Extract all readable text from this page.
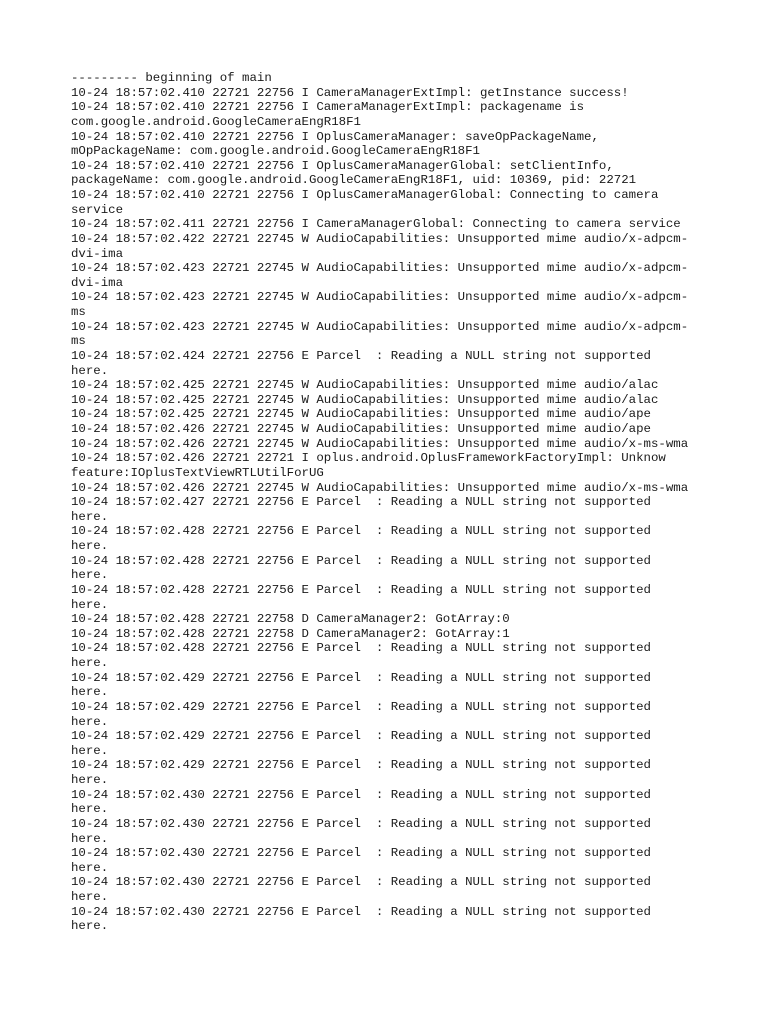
--------- beginning of main
10-24 18:57:02.410 22721 22756 I CameraManagerExtImpl: getInstance success!
10-24 18:57:02.410 22721 22756 I CameraManagerExtImpl: packagename is
com.google.android.GoogleCameraEngR18F1
10-24 18:57:02.410 22721 22756 I OplusCameraManager: saveOpPackageName,
mOpPackageName: com.google.android.GoogleCameraEngR18F1
10-24 18:57:02.410 22721 22756 I OplusCameraManagerGlobal: setClientInfo,
packageName: com.google.android.GoogleCameraEngR18F1, uid: 10369, pid: 22721
10-24 18:57:02.410 22721 22756 I OplusCameraManagerGlobal: Connecting to camera
service
10-24 18:57:02.411 22721 22756 I CameraManagerGlobal: Connecting to camera service
10-24 18:57:02.422 22721 22745 W AudioCapabilities: Unsupported mime audio/x-adpcm-
dvi-ima
10-24 18:57:02.423 22721 22745 W AudioCapabilities: Unsupported mime audio/x-adpcm-
dvi-ima
10-24 18:57:02.423 22721 22745 W AudioCapabilities: Unsupported mime audio/x-adpcm-
ms
10-24 18:57:02.423 22721 22745 W AudioCapabilities: Unsupported mime audio/x-adpcm-
ms
10-24 18:57:02.424 22721 22756 E Parcel  : Reading a NULL string not supported
here.
10-24 18:57:02.425 22721 22745 W AudioCapabilities: Unsupported mime audio/alac
10-24 18:57:02.425 22721 22745 W AudioCapabilities: Unsupported mime audio/alac
10-24 18:57:02.425 22721 22745 W AudioCapabilities: Unsupported mime audio/ape
10-24 18:57:02.426 22721 22745 W AudioCapabilities: Unsupported mime audio/ape
10-24 18:57:02.426 22721 22745 W AudioCapabilities: Unsupported mime audio/x-ms-wma
10-24 18:57:02.426 22721 22721 I oplus.android.OplusFrameworkFactoryImpl: Unknow
feature:IOplusTextViewRTLUtilForUG
10-24 18:57:02.426 22721 22745 W AudioCapabilities: Unsupported mime audio/x-ms-wma
10-24 18:57:02.427 22721 22756 E Parcel  : Reading a NULL string not supported
here.
10-24 18:57:02.428 22721 22756 E Parcel  : Reading a NULL string not supported
here.
10-24 18:57:02.428 22721 22756 E Parcel  : Reading a NULL string not supported
here.
10-24 18:57:02.428 22721 22756 E Parcel  : Reading a NULL string not supported
here.
10-24 18:57:02.428 22721 22758 D CameraManager2: GotArray:0
10-24 18:57:02.428 22721 22758 D CameraManager2: GotArray:1
10-24 18:57:02.428 22721 22756 E Parcel  : Reading a NULL string not supported
here.
10-24 18:57:02.429 22721 22756 E Parcel  : Reading a NULL string not supported
here.
10-24 18:57:02.429 22721 22756 E Parcel  : Reading a NULL string not supported
here.
10-24 18:57:02.429 22721 22756 E Parcel  : Reading a NULL string not supported
here.
10-24 18:57:02.429 22721 22756 E Parcel  : Reading a NULL string not supported
here.
10-24 18:57:02.430 22721 22756 E Parcel  : Reading a NULL string not supported
here.
10-24 18:57:02.430 22721 22756 E Parcel  : Reading a NULL string not supported
here.
10-24 18:57:02.430 22721 22756 E Parcel  : Reading a NULL string not supported
here.
10-24 18:57:02.430 22721 22756 E Parcel  : Reading a NULL string not supported
here.
10-24 18:57:02.430 22721 22756 E Parcel  : Reading a NULL string not supported
here.
